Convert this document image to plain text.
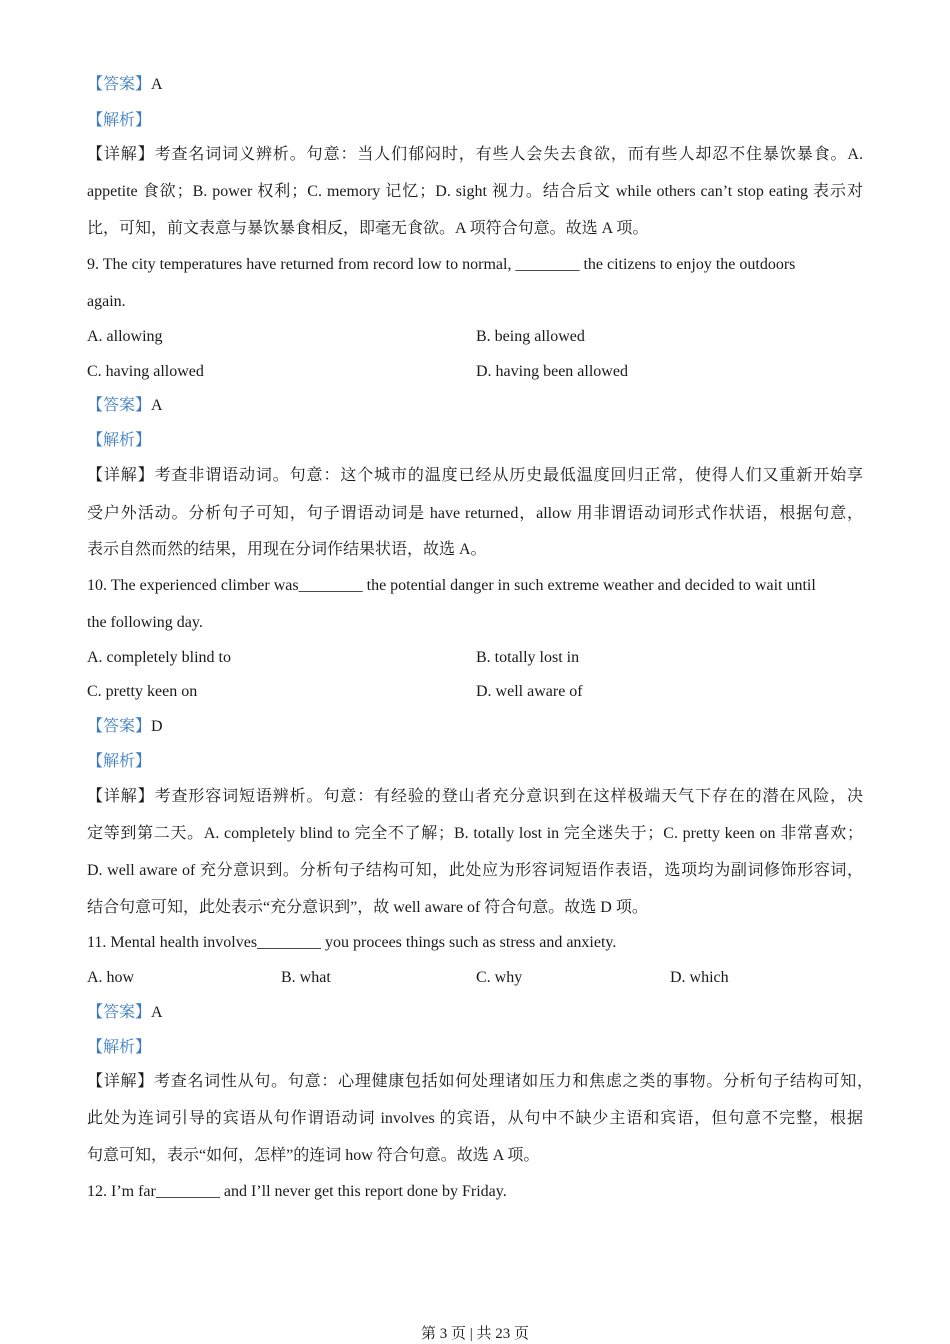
【答案】A
【解析】
【详解】考查名词词义辨析。句意：当人们郁闷时，有些人会失去食欲，而有些人却忍不住暴饮暴食。A.
appetite 食欲；B. power 权利；C. memory 记忆；D. sight 视力。结合后文 while others can’t stop eating 表示对
比，可知，前文表意与暴饮暴食相反，即毫无食欲。A 项符合句意。故选 A 项。
9. The city temperatures have returned from record low to normal, ________ the citizens to enjoy the outdoors
again.
A. allowing	B. being allowed
C. having allowed	D. having been allowed
【答案】A
【解析】
【详解】考查非谓语动词。句意：这个城市的温度已经从历史最低温度回归正常，使得人们又重新开始享
受户外活动。分析句子可知，句子谓语动词是 have returned，allow 用非谓语动词形式作状语，根据句意，
表示自然而然的结果，用现在分词作结果状语，故选 A。
10. The experienced climber was________ the potential danger in such extreme weather and decided to wait until
the following day.
A. completely blind to	B. totally lost in
C. pretty keen on	D. well aware of
【答案】D
【解析】
【详解】考查形容词短语辨析。句意：有经验的登山者充分意识到在这样极端天气下存在的潜在风险，决
定等到第二天。A. completely blind to 完全不了解；B. totally lost in 完全迷失于；C. pretty keen on 非常喜欢；
D. well aware of 充分意识到。分析句子结构可知，此处应为形容词短语作表语，选项均为副词修饰形容词，
结合句意可知，此处表示“充分意识到”，故 well aware of 符合句意。故选 D 项。
11. Mental health involves________ you procees things such as stress and anxiety.
A. how	B. what	C. why	D. which
【答案】A
【解析】
【详解】考查名词性从句。句意：心理健康包括如何处理诸如压力和焦虑之类的事物。分析句子结构可知，
此处为连词引导的宾语从句作谓语动词 involves 的宾语，从句中不缺少主语和宾语，但句意不完整，根据
句意可知，表示“如何，怎样”的连词 how 符合句意。故选 A 项。
12. I’m far________ and I’ll never get this report done by Friday.
第 3 页 | 共 23 页
